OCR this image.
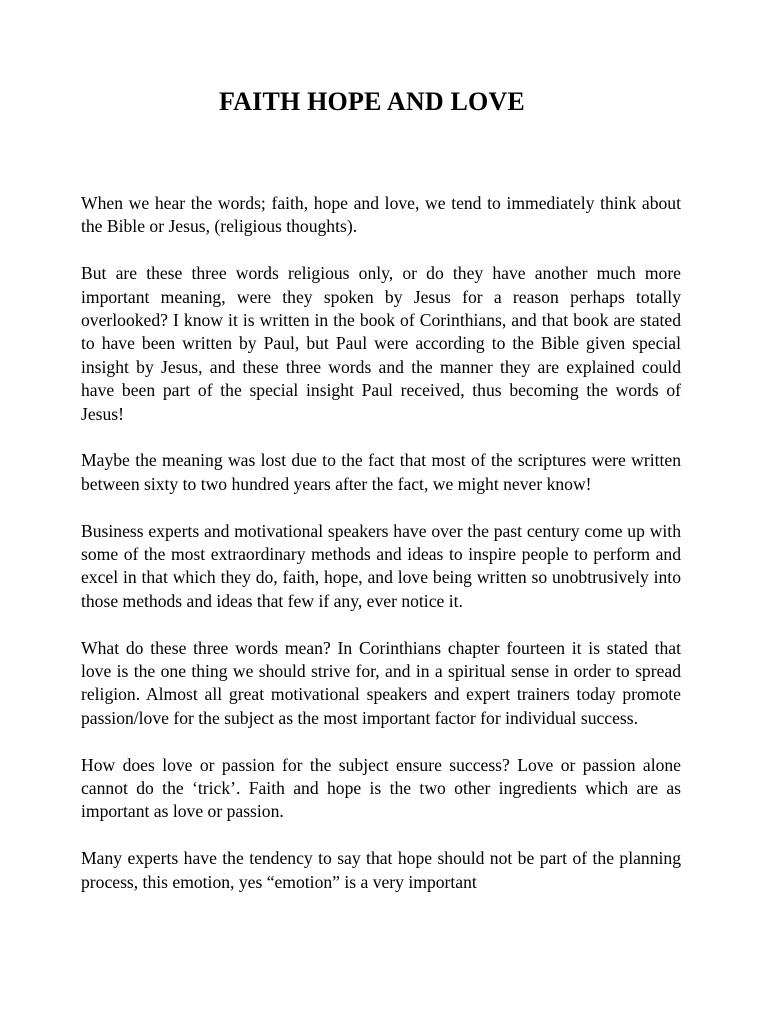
FAITH HOPE AND LOVE

When we hear the words; faith, hope and love, we tend to immediately think about the Bible or Jesus, (religious thoughts).

But are these three words religious only, or do they have another much more important meaning, were they spoken by Jesus for a reason perhaps totally overlooked? I know it is written in the book of Corinthians, and that book are stated to have been written by Paul, but Paul were according to the Bible given special insight by Jesus, and these three words and the manner they are explained could have been part of the special insight Paul received, thus becoming the words of Jesus!

Maybe the meaning was lost due to the fact that most of the scriptures were written between sixty to two hundred years after the fact, we might never know!

Business experts and motivational speakers have over the past century come up with some of the most extraordinary methods and ideas to inspire people to perform and excel in that which they do, faith, hope, and love being written so unobtrusively into those methods and ideas that few if any, ever notice it.

What do these three words mean? In Corinthians chapter fourteen it is stated that love is the one thing we should strive for, and in a spiritual sense in order to spread religion. Almost all great motivational speakers and expert trainers today promote passion/love for the subject as the most important factor for individual success.

How does love or passion for the subject ensure success? Love or passion alone cannot do the ‘trick’. Faith and hope is the two other ingredients which are as important as love or passion.

Many experts have the tendency to say that hope should not be part of the planning process, this emotion, yes “emotion” is a very important
